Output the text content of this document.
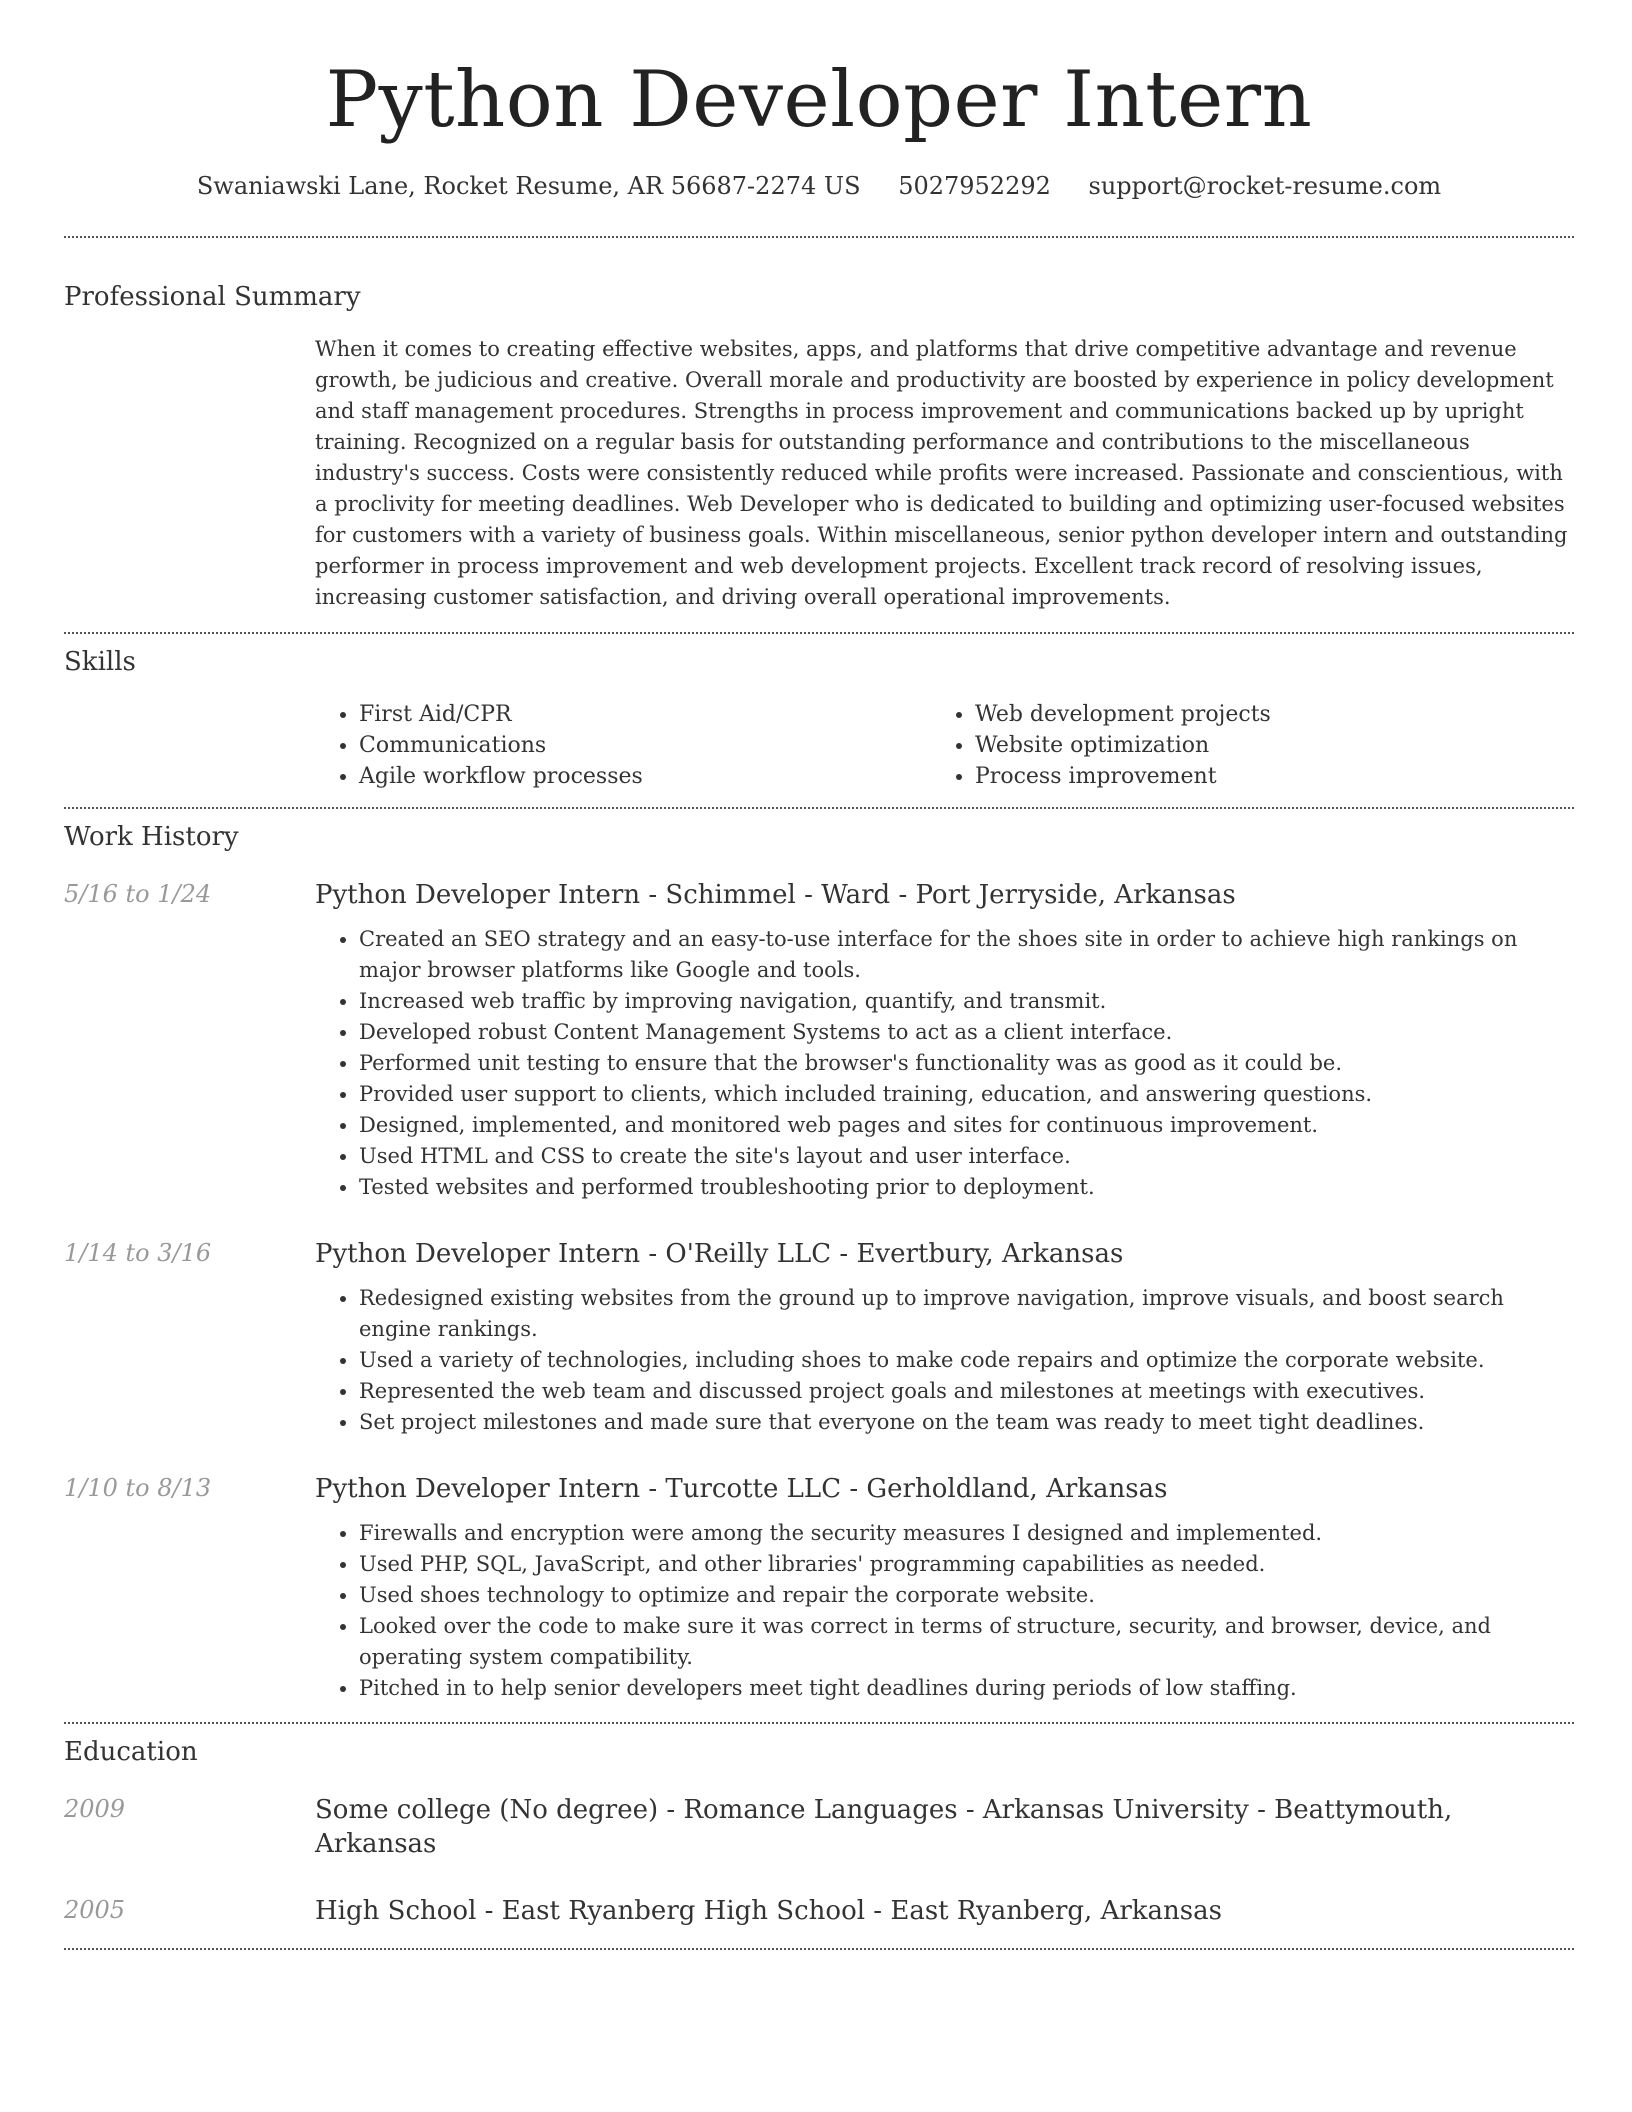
Python Developer Intern
Swaniawski Lane, Rocket Resume, AR 56687-2274 US 5027952292 support@rocket-resume.com
Professional Summary

When it comes to creating effective websites, apps, and platforms that drive competitive advantage and revenue growth, be judicious and creative. Overall morale and productivity are boosted by experience in policy development and staff management procedures. Strengths in process improvement and communications backed up by upright training. Recognized on a regular basis for outstanding performance and contributions to the miscellaneous industry's success. Costs were consistently reduced while profits were increased. Passionate and conscientious, with a proclivity for meeting deadlines. Web Developer who is dedicated to building and optimizing user-focused websites for customers with a variety of business goals. Within miscellaneous, senior python developer intern and outstanding performer in process improvement and web development projects. Excellent track record of resolving issues, increasing customer satisfaction, and driving overall operational improvements.

Skills
• First Aid/CPR
• Communications
• Agile workflow processes
• Web development projects
• Website optimization
• Process improvement
Work History
5/16 to 1/24	Python Developer Intern - Schimmel - Ward - Port Jerryside, Arkansas
• Created an SEO strategy and an easy-to-use interface for the shoes site in order to achieve high rankings on major browser platforms like Google and tools.
• Increased web traffic by improving navigation, quantify, and transmit.
• Developed robust Content Management Systems to act as a client interface.
• Performed unit testing to ensure that the browser's functionality was as good as it could be.
• Provided user support to clients, which included training, education, and answering questions.
• Designed, implemented, and monitored web pages and sites for continuous improvement.
• Used HTML and CSS to create the site's layout and user interface.
• Tested websites and performed troubleshooting prior to deployment.
1/14 to 3/16	Python Developer Intern - O'Reilly LLC - Evertbury, Arkansas
• Redesigned existing websites from the ground up to improve navigation, improve visuals, and boost search engine rankings.
• Used a variety of technologies, including shoes to make code repairs and optimize the corporate website.
• Represented the web team and discussed project goals and milestones at meetings with executives.
• Set project milestones and made sure that everyone on the team was ready to meet tight deadlines.
1/10 to 8/13	Python Developer Intern - Turcotte LLC - Gerholdland, Arkansas
• Firewalls and encryption were among the security measures I designed and implemented.
• Used PHP, SQL, JavaScript, and other libraries' programming capabilities as needed.
• Used shoes technology to optimize and repair the corporate website.
• Looked over the code to make sure it was correct in terms of structure, security, and browser, device, and operating system compatibility.
• Pitched in to help senior developers meet tight deadlines during periods of low staffing.
Education
2009	Some college (No degree) - Romance Languages - Arkansas University - Beattymouth, Arkansas
2005	High School - East Ryanberg High School - East Ryanberg, Arkansas
